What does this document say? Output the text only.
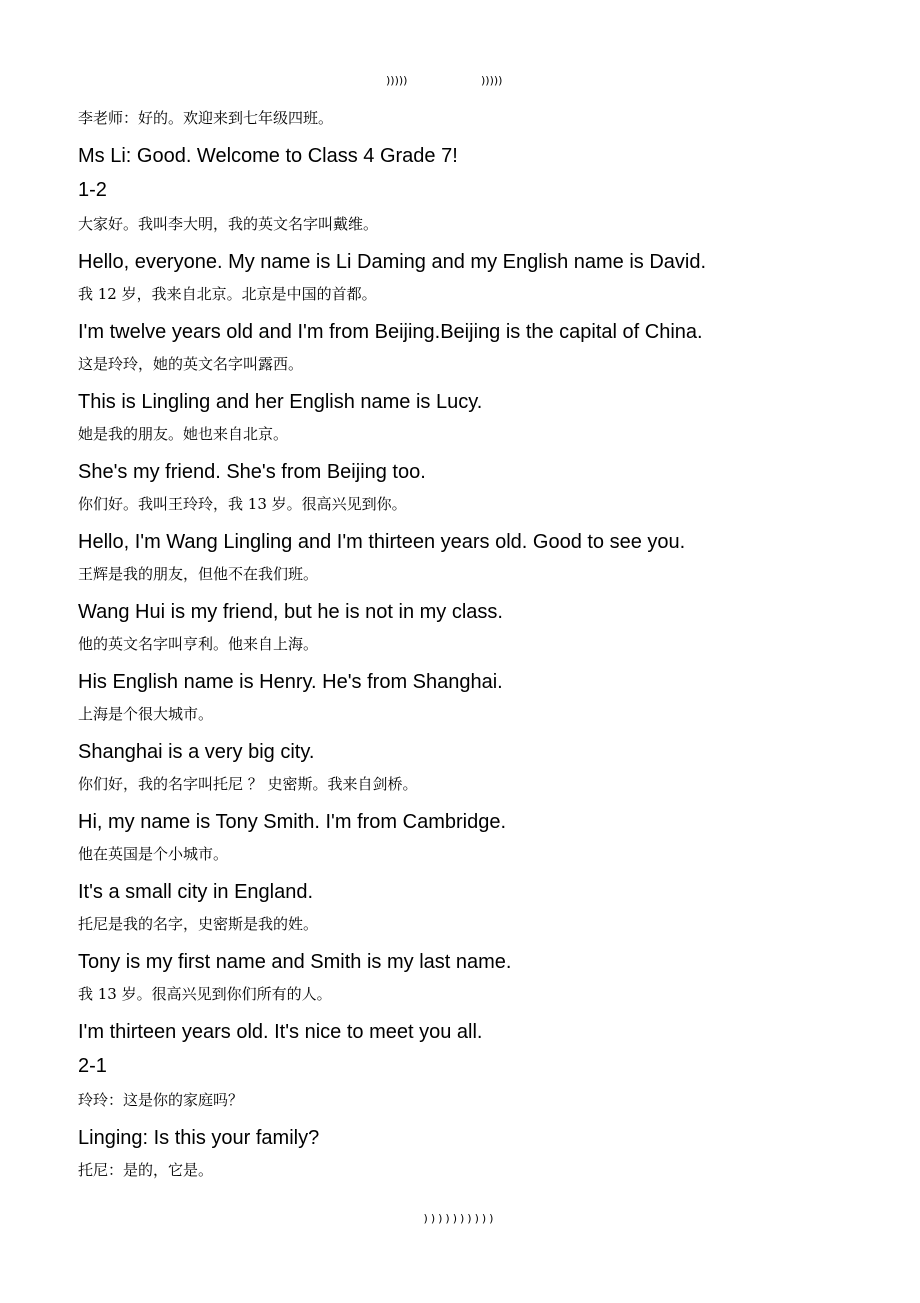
)))))	)))))

李老师：好的。欢迎来到七年级四班。

Ms Li: Good. Welcome to Class 4 Grade 7!

1-2

大家好。我叫李大明，我的英文名字叫戴维。

Hello, everyone. My name is Li Daming and my English name is David.

我 12 岁，我来自北京。北京是中国的首都。

I'm twelve years old and I'm from Beijing.Beijing is the capital of China.

这是玲玲，她的英文名字叫露西。

This is Lingling and her English name is Lucy.

她是我的朋友。她也来自北京。

She's my friend. She's from Beijing too.

你们好。我叫王玲玲，我 13 岁。很高兴见到你。

Hello, I'm Wang Lingling and I'm thirteen years old. Good to see you.

王辉是我的朋友，但他不在我们班。

Wang Hui is my friend, but he is not in my class.

他的英文名字叫亨利。他来自上海。

His English name is Henry. He's from Shanghai.

上海是个很大城市。

Shanghai is a very big city.

你们好，我的名字叫托尼 ？ 史密斯。我来自剑桥。

Hi, my name is Tony Smith. I'm from Cambridge.

他在英国是个小城市。

It's a small city in England.

托尼是我的名字，史密斯是我的姓。

Tony is my first name and Smith is my last name.

我 13 岁。很高兴见到你们所有的人。

I'm thirteen years old. It's nice to meet you all.

2-1

玲玲：这是你的家庭吗？

Linging: Is this your family?

托尼：是的，它是。

))))))))))
